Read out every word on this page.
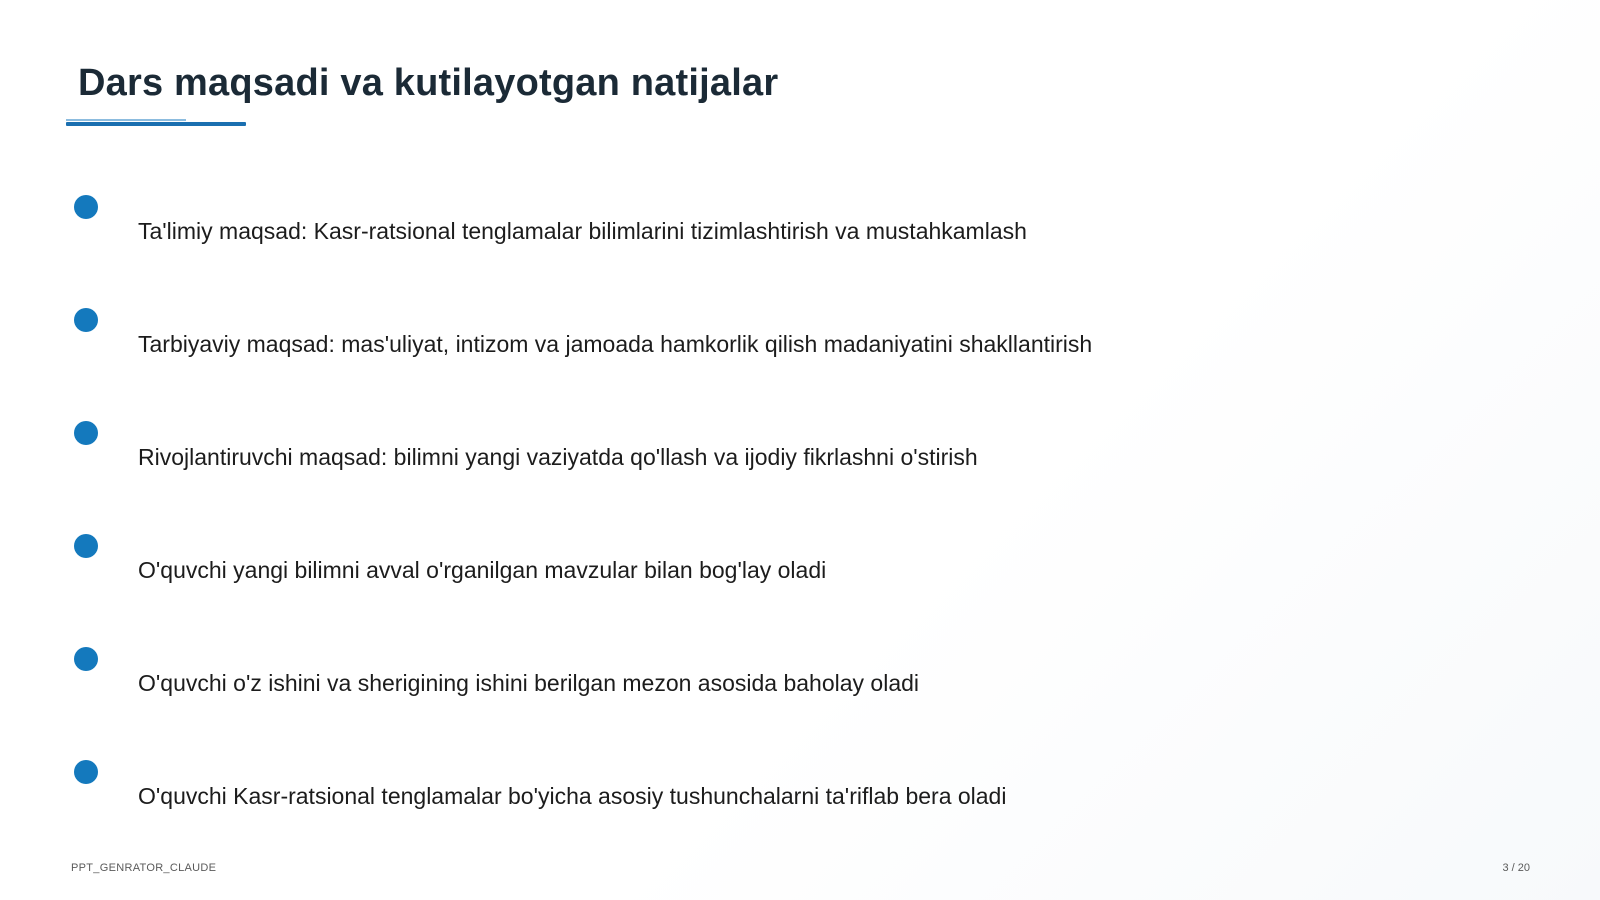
Dars maqsadi va kutilayotgan natijalar
Ta'limiy maqsad: Kasr-ratsional tenglamalar bilimlarini tizimlashtirish va mustahkamlash
Tarbiyaviy maqsad: mas'uliyat, intizom va jamoada hamkorlik qilish madaniyatini shakllantirish
Rivojlantiruvchi maqsad: bilimni yangi vaziyatda qo'llash va ijodiy fikrlashni o'stirish
O'quvchi yangi bilimni avval o'rganilgan mavzular bilan bog'lay oladi
O'quvchi o'z ishini va sherigining ishini berilgan mezon asosida baholay oladi
O'quvchi Kasr-ratsional tenglamalar bo'yicha asosiy tushunchalarni ta'riflab bera oladi
PPT_GENRATOR_CLAUDE	3 / 20
